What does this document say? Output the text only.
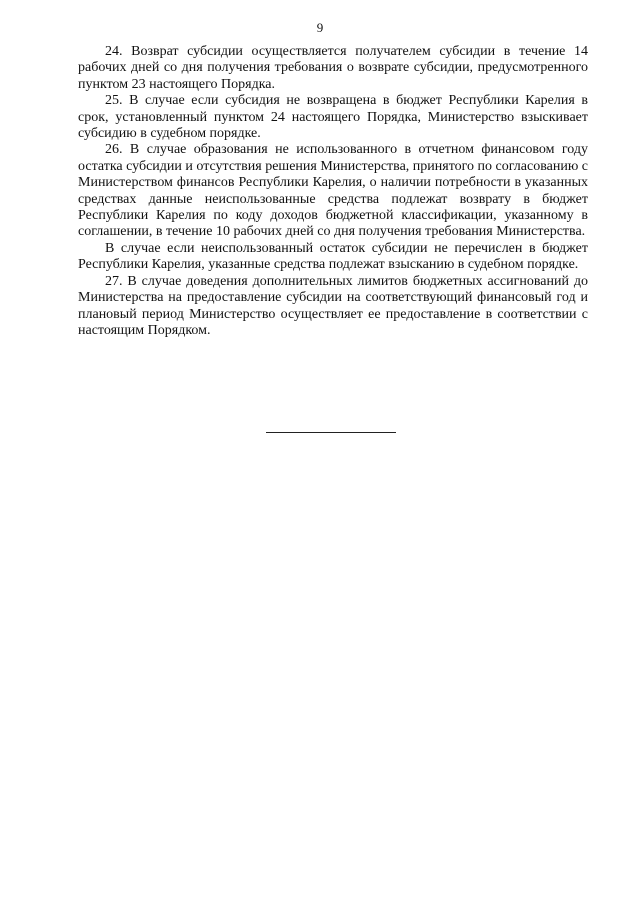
9

24. Возврат субсидии осуществляется получателем субсидии в течение 14 рабочих дней со дня получения требования о возврате субсидии, предусмотренного пунктом 23 настоящего Порядка.

25. В случае если субсидия не возвращена в бюджет Республики Карелия в срок, установленный пунктом 24 настоящего Порядка, Министерство взыскивает субсидию в судебном порядке.

26. В случае образования не использованного в отчетном финансовом году остатка субсидии и отсутствия решения Министерства, принятого по согласованию с Министерством финансов Республики Карелия, о наличии потребности в указанных средствах данные неиспользованные средства подлежат возврату в бюджет Республики Карелия по коду доходов бюджетной классификации, указанному в соглашении, в течение 10 рабочих дней со дня получения требования Министерства.

В случае если неиспользованный остаток субсидии не перечислен в бюджет Республики Карелия, указанные средства подлежат взысканию в судебном порядке.

27. В случае доведения дополнительных лимитов бюджетных ассигнований до Министерства на предоставление субсидии на соответствующий финансовый год и плановый период Министерство осуществляет ее предоставление в соответствии с настоящим Порядком.
